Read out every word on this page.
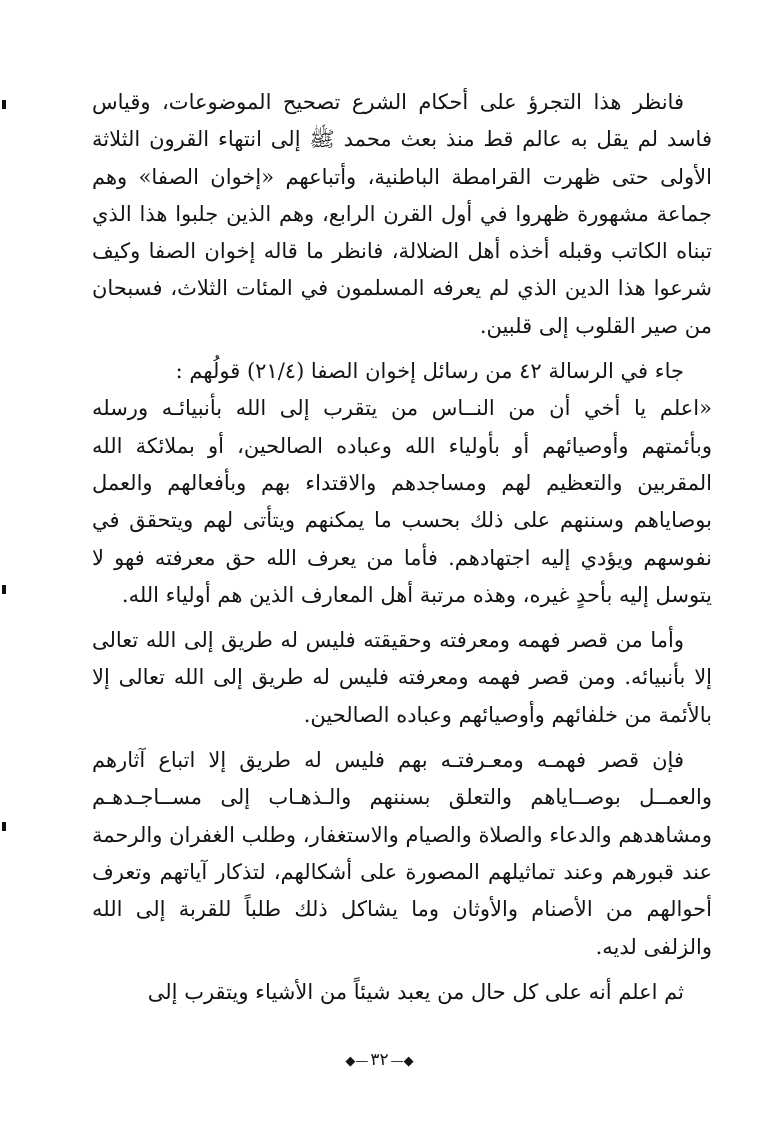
فانظر هذا التجرؤ على أحكام الشرع تصحيح الموضوعات، وقياس فاسد لم يقل به عالم قط منذ بعث محمد ﷺ إلى انتهاء القرون الثلاثة الأولى حتى ظهرت القرامطة الباطنية، وأتباعهم «إخوان الصفا» وهم جماعة مشهورة ظهروا في أول القرن الرابع، وهم الذين جلبوا هذا الذي تبناه الكاتب وقبله أخذه أهل الضلالة، فانظر ما قاله إخوان الصفا وكيف شرعوا هذا الدين الذي لم يعرفه المسلمون في المئات الثلاث، فسبحان من صير القلوب إلى قلبين.

جاء في الرسالة ٤٢ من رسائل إخوان الصفا (٢١/٤) قولُهم :

«اعلم يا أخي أن من النــاس من يتقرب إلى الله بأنبيائـه ورسله وبأئمتهم وأوصيائهم أو بأولياء الله وعباده الصالحين، أو بملائكة الله المقربين والتعظيم لهم ومساجدهم والاقتداء بهم وبأفعالهم والعمل بوصاياهم وسننهم على ذلك بحسب ما يمكنهم ويتأتى لهم ويتحقق في نفوسهم ويؤدي إليه اجتهادهم. فأما من يعرف الله حق معرفته فهو لا يتوسل إليه بأحدٍ غيره، وهذه مرتبة أهل المعارف الذين هم أولياء الله.

وأما من قصر فهمه ومعرفته وحقيقته فليس له طريق إلى الله تعالى إلا بأنبيائه. ومن قصر فهمه ومعرفته فليس له طريق إلى الله تعالى إلا بالأئمة من خلفائهم وأوصيائهم وعباده الصالحين.

فإن قصر فهمـه ومعـرفتـه بهم فليس له طريق إلا اتباع آثارهم والعمــل بوصــاياهم والتعلق بسننهم والـذهـاب إلى مســاجـدهـم ومشاهدهم والدعاء والصلاة والصيام والاستغفار، وطلب الغفران والرحمة عند قبورهم وعند تماثيلهم المصورة على أشكالهم، لتذكار آياتهم وتعرف أحوالهم من الأصنام والأوثان وما يشاكل ذلك طلباً للقربة إلى الله والزلفى لديه.

ثم اعلم أنه على كل حال من يعبد شيئاً من الأشياء ويتقرب إلى

◆—٣٢—◆
